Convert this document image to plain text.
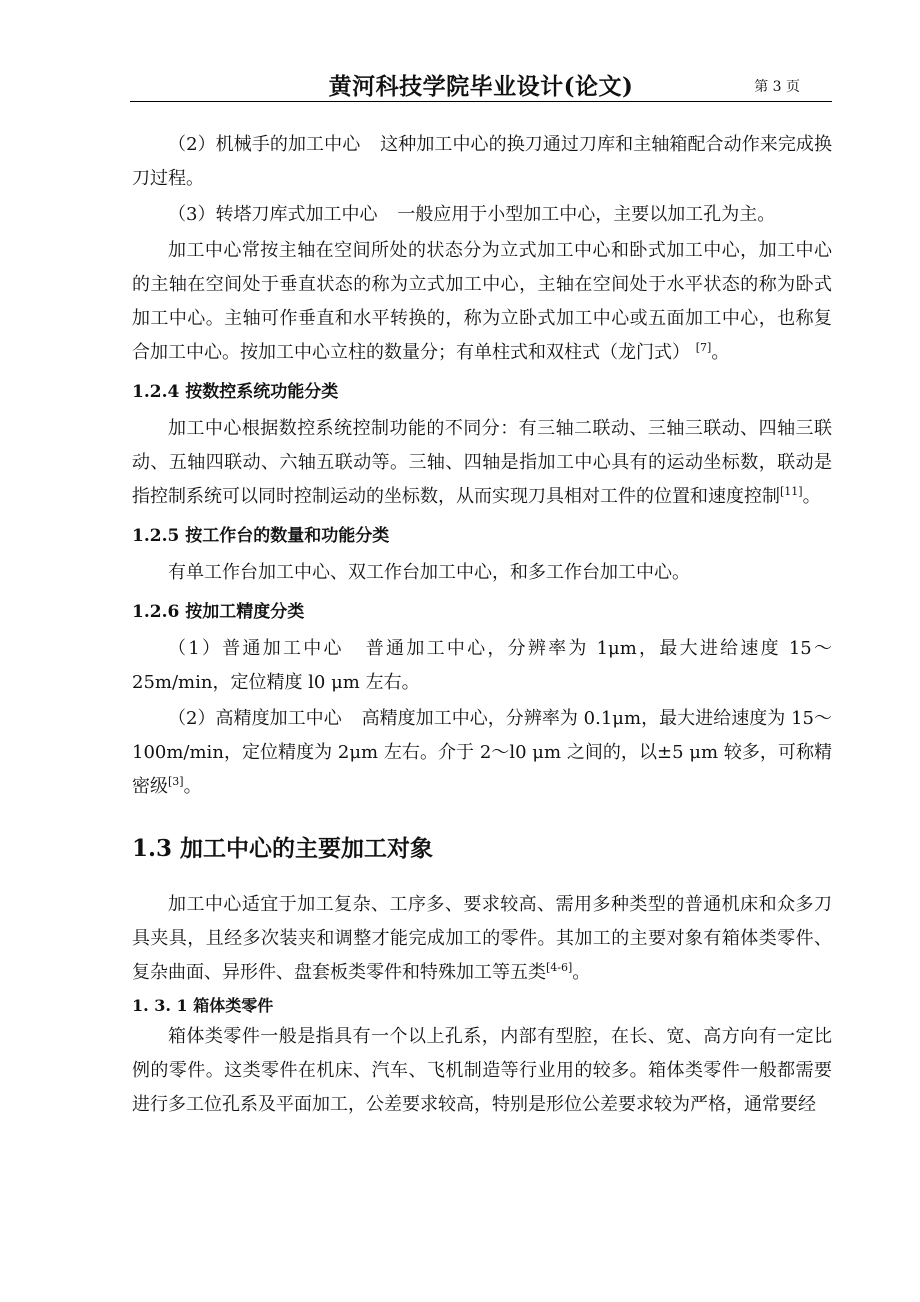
黄河科技学院毕业设计(论文)	第 3 页

（2）机械手的加工中心 这种加工中心的换刀通过刀库和主轴箱配合动作来完成换刀过程。

（3）转塔刀库式加工中心 一般应用于小型加工中心，主要以加工孔为主。

加工中心常按主轴在空间所处的状态分为立式加工中心和卧式加工中心，加工中心的主轴在空间处于垂直状态的称为立式加工中心，主轴在空间处于水平状态的称为卧式加工中心。主轴可作垂直和水平转换的，称为立卧式加工中心或五面加工中心，也称复合加工中心。按加工中心立柱的数量分；有单柱式和双柱式（龙门式） [7]。

1.2.4 按数控系统功能分类

加工中心根据数控系统控制功能的不同分：有三轴二联动、三轴三联动、四轴三联动、五轴四联动、六轴五联动等。三轴、四轴是指加工中心具有的运动坐标数，联动是指控制系统可以同时控制运动的坐标数，从而实现刀具相对工件的位置和速度控制[11]。

1.2.5 按工作台的数量和功能分类

有单工作台加工中心、双工作台加工中心，和多工作台加工中心。

1.2.6 按加工精度分类

（1）普通加工中心 普通加工中心，分辨率为 1μm，最大进给速度 15～25m/min，定位精度 l0 μm 左右。

（2）高精度加工中心 高精度加工中心，分辨率为 0.1μm，最大进给速度为 15～100m/min，定位精度为 2μm 左右。介于 2～l0 μm 之间的，以±5 μm 较多，可称精密级[3]。

1.3 加工中心的主要加工对象

加工中心适宜于加工复杂、工序多、要求较高、需用多种类型的普通机床和众多刀具夹具，且经多次装夹和调整才能完成加工的零件。其加工的主要对象有箱体类零件、复杂曲面、异形件、盘套板类零件和特殊加工等五类[4-6]。

1. 3. 1 箱体类零件

箱体类零件一般是指具有一个以上孔系，内部有型腔，在长、宽、高方向有一定比例的零件。这类零件在机床、汽车、飞机制造等行业用的较多。箱体类零件一般都需要进行多工位孔系及平面加工，公差要求较高，特别是形位公差要求较为严格，通常要经
